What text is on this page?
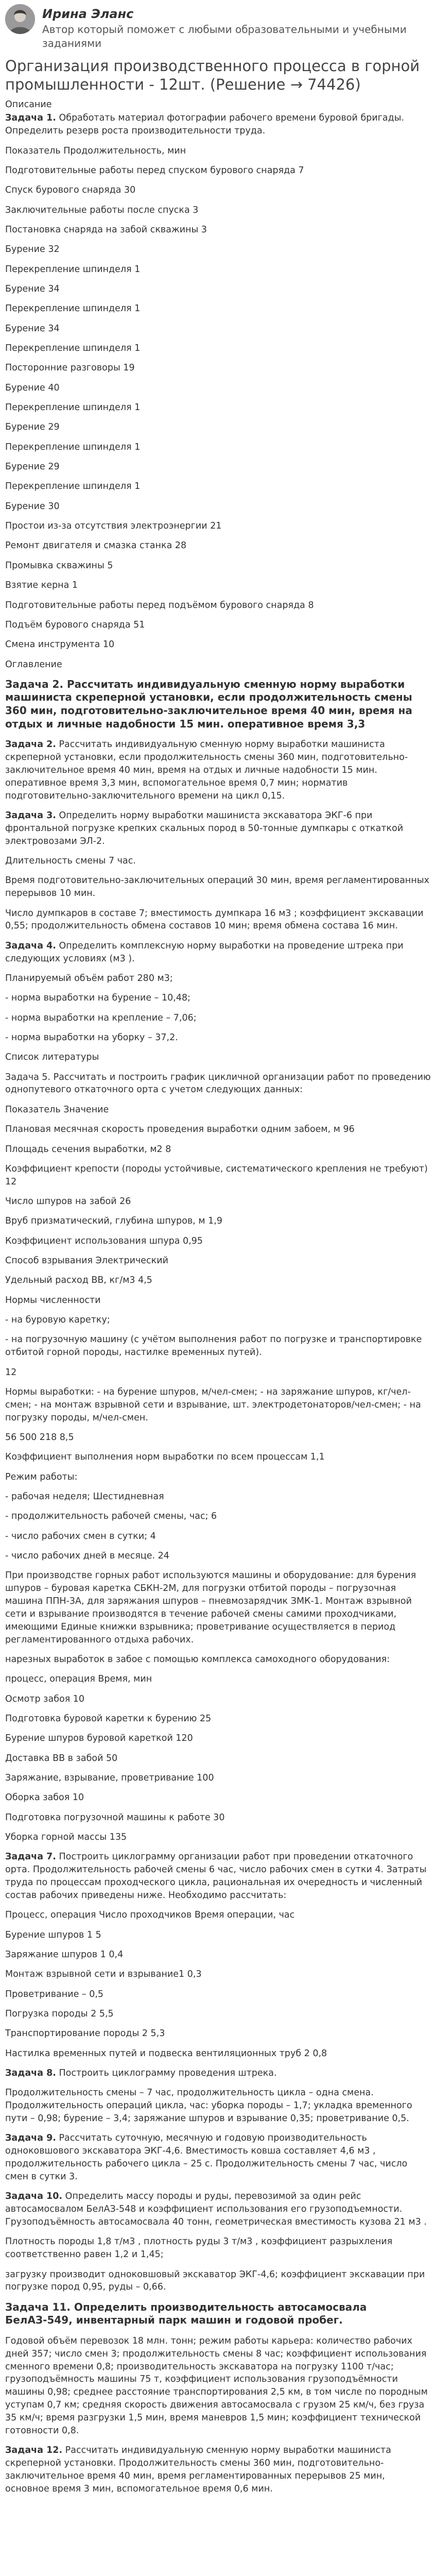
Ирина Эланс
Автор который поможет с любыми образовательными и учебными заданиями
Организация производственного процесса в горной промышленности - 12шт. (Решение → 74426)
Описание

Задача 1. Обработать материал фотографии рабочего времени буровой бригады. Определить резерв роста производительности труда.

Показатель Продолжительность, мин

Подготовительные работы перед спуском бурового снаряда 7

Спуск бурового снаряда 30

Заключительные работы после спуска 3

Постановка снаряда на забой скважины 3

Бурение 32

Перекрепление шпинделя 1

Бурение 34

Перекрепление шпинделя 1

Бурение 34

Перекрепление шпинделя 1

Посторонние разговоры 19

Бурение 40

Перекрепление шпинделя 1

Бурение 29

Перекрепление шпинделя 1

Бурение 29

Перекрепление шпинделя 1

Бурение 30

Простои из-за отсутствия электроэнергии 21

Ремонт двигателя и смазка станка 28

Промывка скважины 5

Взятие керна 1

Подготовительные работы перед подъёмом бурового снаряда 8

Подъём бурового снаряда 51

Смена инструмента 10

Оглавление

Задача 2. Рассчитать индивидуальную сменную норму выработки машиниста скреперной установки, если продолжительность смены 360 мин, подготовительно-заключительное время 40 мин, время на отдых и личные надобности 15 мин. оперативное время 3,3

Задача 2. Рассчитать индивидуальную сменную норму выработки машиниста скреперной установки, если продолжительность смены 360 мин, подготовительно-заключительное время 40 мин, время на отдых и личные надобности 15 мин. оперативное время 3,3 мин, вспомогательное время 0,7 мин; норматив подготовительно-заключительного времени на цикл 0,15.

Задача 3. Определить норму выработки машиниста экскаватора ЭКГ-6 при фронтальной погрузке крепких скальных пород в 50-тонные думпкары с откаткой электровозами ЭЛ-2.

Длительность смены 7 час.

Время подготовительно-заключительных операций 30 мин, время регламентированных перерывов 10 мин.

Число думпкаров в составе 7; вместимость думпкара 16 м3 ; коэффициент экскавации 0,55; продолжительность обмена составов 10 мин; время обмена состава 16 мин.

Задача 4. Определить комплексную норму выработки на проведение штрека при следующих условиях (м3 ).

Планируемый объём работ 280 м3;

- норма выработки на бурение – 10,48;

- норма выработки на крепление – 7,06;

- норма выработки на уборку – 37,2.

Список литературы

Задача 5. Рассчитать и построить график цикличной организации работ по проведению однопутевого откаточного орта с учетом следующих данных:

Показатель Значение

Плановая месячная скорость проведения выработки одним забоем, м 96

Площадь сечения выработки, м2 8

Коэффициент крепости (породы устойчивые, систематического крепления не требуют) 12

Число шпуров на забой 26

Вруб призматический, глубина шпуров, м 1,9

Коэффициент использования шпура 0,95

Способ взрывания Электрический

Удельный расход ВВ, кг/м3 4,5

Нормы численности

- на буровую каретку;

- на погрузочную машину (с учётом выполнения работ по погрузке и транспортировке отбитой горной породы, настилке временных путей).

12

Нормы выработки: - на бурение шпуров, м/чел-смен; - на заряжание шпуров, кг/чел-смен; - на монтаж взрывной сети и взрывание, шт. электродетонаторов/чел-смен; - на погрузку породы, м/чел-смен.

56 500 218 8,5

Коэффициент выполнения норм выработки по всем процессам 1,1

Режим работы:

- рабочая неделя; Шестидневная

- продолжительность рабочей смены, час; 6

- число рабочих смен в сутки; 4

- число рабочих дней в месяце. 24

При производстве горных работ используются машины и оборудование: для бурения шпуров – буровая каретка СБКН-2М, для погрузки отбитой породы – погрузочная машина ППН-3А, для заряжания шпуров – пневмозарядчик ЗМК-1. Монтаж взрывной сети и взрывание производятся в течение рабочей смены самими проходчиками, имеющими Единые книжки взрывника; проветривание осуществляется в период регламентированного отдыха рабочих.

нарезных выработок в забое с помощью комплекса самоходного оборудования:

процесс, операция Время, мин

Осмотр забоя 10

Подготовка буровой каретки к бурению 25

Бурение шпуров буровой кареткой 120

Доставка ВВ в забой 50

Заряжание, взрывание, проветривание 100

Оборка забоя 10

Подготовка погрузочной машины к работе 30

Уборка горной массы 135

Задача 7. Построить циклограмму организации работ при проведении откаточного орта. Продолжительность рабочей смены 6 час, число рабочих смен в сутки 4. Затраты труда по процессам проходческого цикла, рациональная их очередность и численный состав рабочих приведены ниже. Необходимо рассчитать:

Процесс, операция Число проходчиков Время операции, час

Бурение шпуров 1 5

Заряжание шпуров 1 0,4

Монтаж взрывной сети и взрывание1 0,3

Проветривание – 0,5

Погрузка породы 2 5,5

Транспортирование породы 2 5,3

Настилка временных путей и подвеска вентиляционных труб 2 0,8

Задача 8. Построить циклограмму проведения штрека.

Продолжительность смены – 7 час, продолжительность цикла – одна смена. Продолжительность операций цикла, час: уборка породы – 1,7; укладка временного пути – 0,98; бурение – 3,4; заряжание шпуров и взрывание 0,35; проветривание 0,5.

Задача 9. Рассчитать суточную, месячную и годовую производительность одноковшового экскаватора ЭКГ-4,6. Вместимость ковша составляет 4,6 м3 , продолжительность рабочего цикла – 25 с. Продолжительность смены 7 час, число смен в сутки 3.

Задача 10. Определить массу породы и руды, перевозимой за один рейс автосамосвалом БелАЗ-548 и коэффициент использования его грузоподъемности. Грузоподъёмность автосамосвала 40 тонн, геометрическая вместимость кузова 21 м3 .

Плотность породы 1,8 т/м3 , плотность руды 3 т/м3 , коэффициент разрыхления соответственно равен 1,2 и 1,45;

загрузку производит одноковшовый экскаватор ЭКГ-4,6; коэффициент экскавации при погрузке пород 0,95, руды – 0,66.

Задача 11. Определить производительность автосамосвала БелАЗ-549, инвентарный парк машин и годовой пробег.

Годовой объём перевозок 18 млн. тонн; режим работы карьера: количество рабочих дней 357; число смен 3; продолжительность смены 8 час; коэффициент использования сменного времени 0,8; производительность экскаватора на погрузку 1100 т/час; грузоподъёмность машины 75 т, коэффициент использования грузоподъёмности машины 0,98; среднее расстояние транспортирования 2,5 км, в том числе по породным уступам 0,7 км; средняя скорость движения автосамосвала с грузом 25 км/ч, без груза 35 км/ч; время разгрузки 1,5 мин, время маневров 1,5 мин; коэффициент технической готовности 0,8.

Задача 12. Рассчитать индивидуальную сменную норму выработки машиниста скреперной установки. Продолжительность смены 360 мин, подготовительно-заключительное время 40 мин, время регламентированных перерывов 25 мин, основное время 3 мин, вспомогательное время 0,6 мин.
